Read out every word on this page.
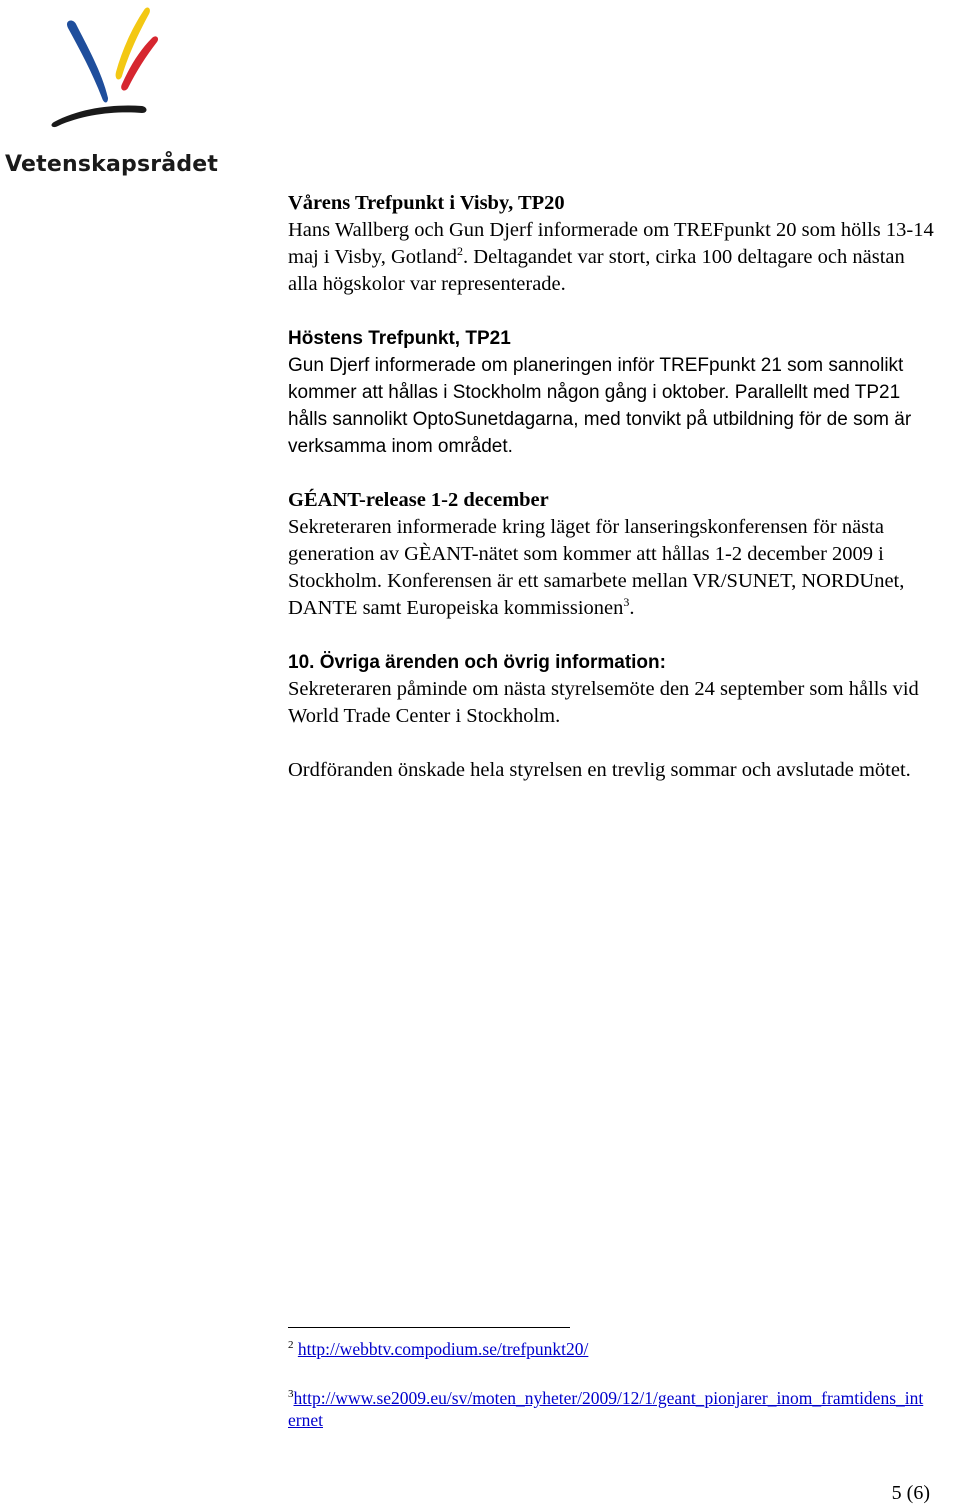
Vetenskapsrådet
Vårens Trefpunkt i Visby, TP20
Hans Wallberg och Gun Djerf informerade om TREFpunkt 20 som hölls 13-14 maj i Visby, Gotland$^2$. Deltagandet var stort, cirka 100 deltagare och nästan alla högskolor var representerade.
Höstens Trefpunkt, TP21
Gun Djerf informerade om planeringen inför TREFpunkt 21 som sannolikt kommer att hållas i Stockholm någon gång i oktober. Parallellt med TP21 hålls sannolikt OptoSunetdagarna, med tonvikt på utbildning för de som är verksamma inom området.
GÉANT-release 1-2 december
Sekreteraren informerade kring läget för lanseringskonferensen för nästa generation av GÈANT-nätet som kommer att hållas 1-2 december 2009 i Stockholm. Konferensen är ett samarbete mellan VR/SUNET, NORDUnet, DANTE samt Europeiska kommissionen$^3$.
10. Övriga ärenden och övrig information:
Sekreteraren påminde om nästa styrelsemöte den 24 september som hålls vid World Trade Center i Stockholm.
Ordföranden önskade hela styrelsen en trevlig sommar och avslutade mötet.
$^2$ http://webbtv.compodium.se/trefpunkt20/
$^3$http://www.se2009.eu/sv/moten_nyheter/2009/12/1/geant_pionjarer_inom_framtidens_internet
5 (6)
